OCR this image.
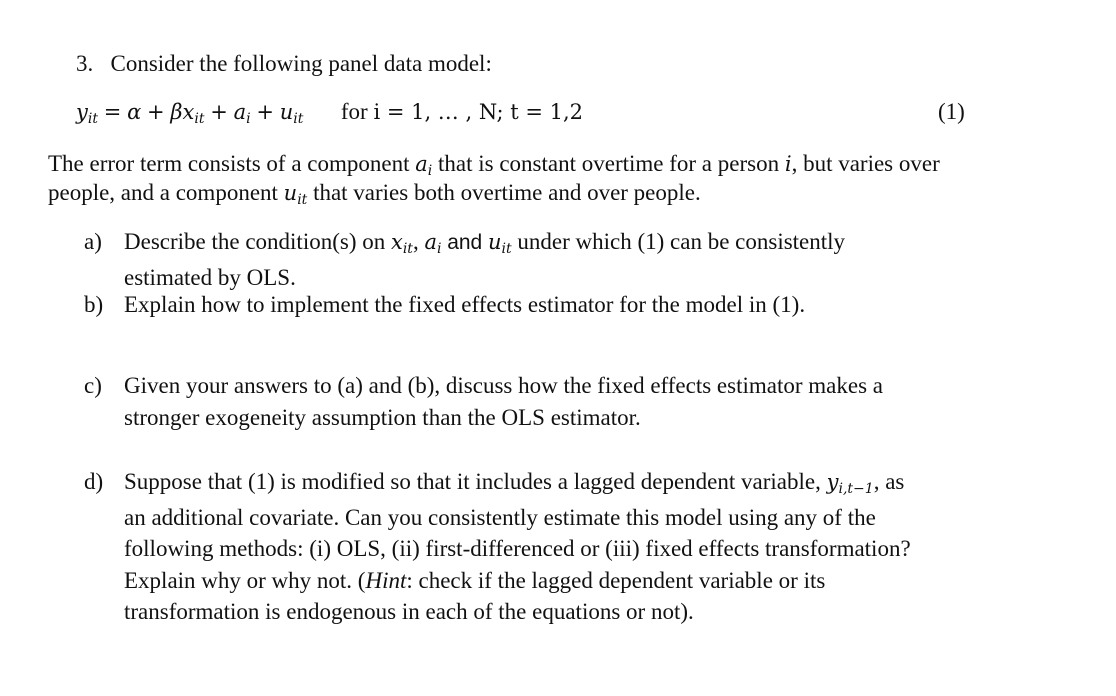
3. Consider the following panel data model:
yit = α + βxit + ai + uit for i = 1, … , N; t = 1,2	(1)
The error term consists of a component ai that is constant overtime for a person i, but varies over
people, and a component uit that varies both overtime and over people.
a) Describe the condition(s) on xit, ai and uit under which (1) can be consistently
estimated by OLS.
b) Explain how to implement the fixed effects estimator for the model in (1).
c) Given your answers to (a) and (b), discuss how the fixed effects estimator makes a
stronger exogeneity assumption than the OLS estimator.
d) Suppose that (1) is modified so that it includes a lagged dependent variable, yi,t−1, as
an additional covariate. Can you consistently estimate this model using any of the
following methods: (i) OLS, (ii) first-differenced or (iii) fixed effects transformation?
Explain why or why not. (Hint: check if the lagged dependent variable or its
transformation is endogenous in each of the equations or not).
